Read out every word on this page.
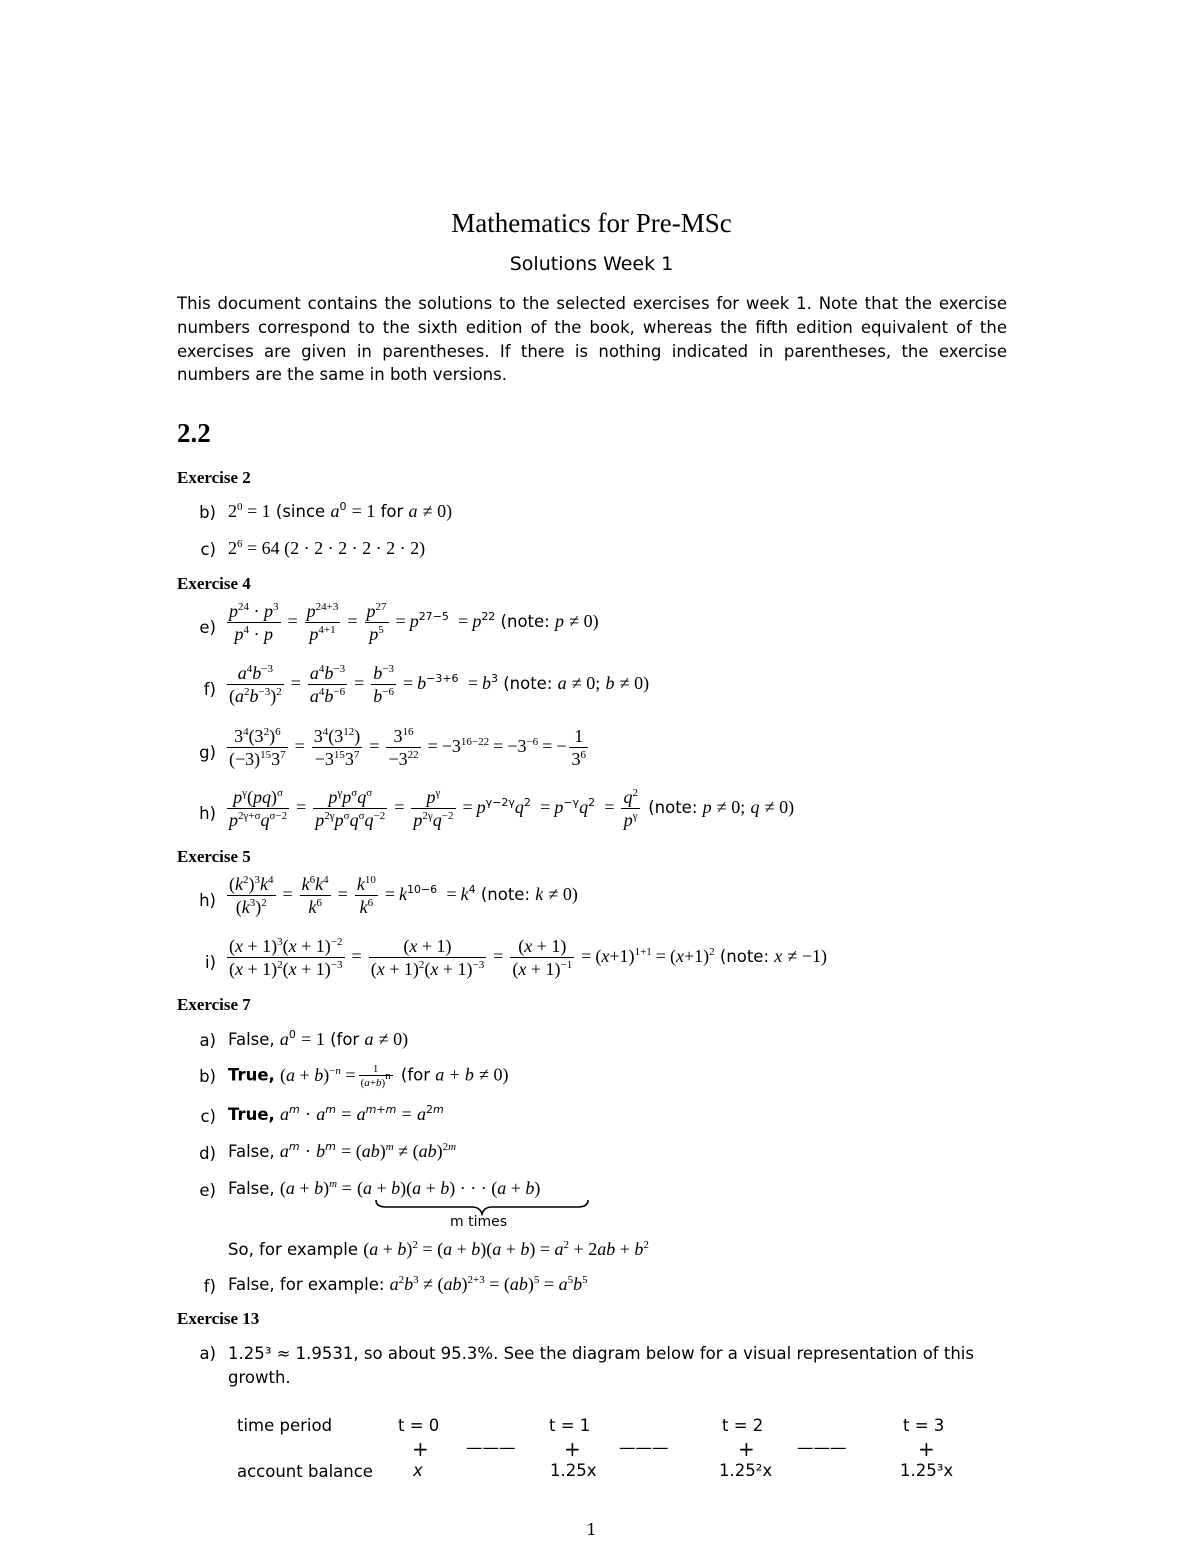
Mathematics for Pre-MSc
Solutions Week 1
This document contains the solutions to the selected exercises for week 1. Note that the exercise numbers correspond to the sixth edition of the book, whereas the fifth edition equivalent of the exercises are given in parentheses. If there is nothing indicated in parentheses, the exercise numbers are the same in both versions.
2.2
Exercise 2
b) $2^0 = 1$ (since $a^0 = 1$ for a ≠ 0)
c) $2^6 = 64$ (2 · 2 · 2 · 2 · 2 · 2)
Exercise 4
$e) \frac{p^{24} \cdot p^3}{p^4 \cdot p} = \frac{p^{24+3}}{p^{4+1}} = \frac{p^{27}}{p^5} = p^{27-5} = p^{22}$ (note: p ≠ 0)
$f) \frac{a^4b^{-3}}{(a^2b^{-3})^2} = \frac{a^4b^{-3}}{a^4b^{-6}} = \frac{b^{-3}}{b^{-6}} = b^{-3+6} = b^3$ (note: a ≠ 0; b ≠ 0)
$g) \frac{3^4(3^2)^6}{(-3)^{15}3^7} = \frac{3^4(3^{12})}{-3^{15}3^7} = \frac{3^{16}}{-3^{22}} = -3^{16-22} = -3^{-6}$ = − $\frac{1}{3^6}$
$h) \frac{p^\gamma(pq)^\sigma}{p^{2\gamma+\sigma}q^{\sigma-2}} = \frac{p^\gamma p^\sigma q^\sigma}{p^{2\gamma}p^\sigma q^\sigma q^{-2}} = \frac{p^\gamma}{p^{2\gamma}q^{-2}} = p^{\gamma-2\gamma}q^2 = p^{-\gamma}q^2 = \frac{q^2}{p^\gamma}$ (note: p ≠ 0; q ≠ 0)
Exercise 5
$h) \frac{(k^2)^3k^4}{(k^3)^2} = \frac{k^6k^4}{k^6} = \frac{k^{10}}{k^6} = k^{10-6} = k^4$ (note: k ≠ 0)
$i) \frac{(x + 1)^3(x + 1)^{-2}}{(x + 1)^2(x + 1)^{-3}} = \frac{(x + 1)}{(x + 1)^2(x + 1)^{-3}} = \frac{(x + 1)}{(x + 1)^{-1}} = (x+1)^{1+1} = (x+1)^2$ (note: x ≠ −1)
Exercise 7
a) False, $a^0 = 1$ (for a ≠ 0)
b) True, $(a + b)^{-n} = \frac{1}{(a+b)^n} (for$ a + b ≠ 0)
c) True, $a^m \cdot a^m = a^{m+m} = a^{2m}$
d) False, $a^m \cdot b^m = (ab)^m \ne (ab)^{2m}$
e) False, $(a + b)^m = (a + b)(a + b)$ · · · (a + b)
m times
So, for example $(a + b)^2 = (a + b)(a + b) = a^2 + 2ab + b^2$
f) False, for example: $a^2b^3 \ne (ab)^{2+3} = (ab)^5 = a^5b^5$
Exercise 13
a) 1.25³ ≈ 1.9531, so about 95.3%. See the diagram below for a visual representation of this growth.
time period	t = 0	t = 1	t = 2	t = 3
+ ——— + ———	+	———	+
account balance x	1.25x	1.25²x	1.25³x
1
